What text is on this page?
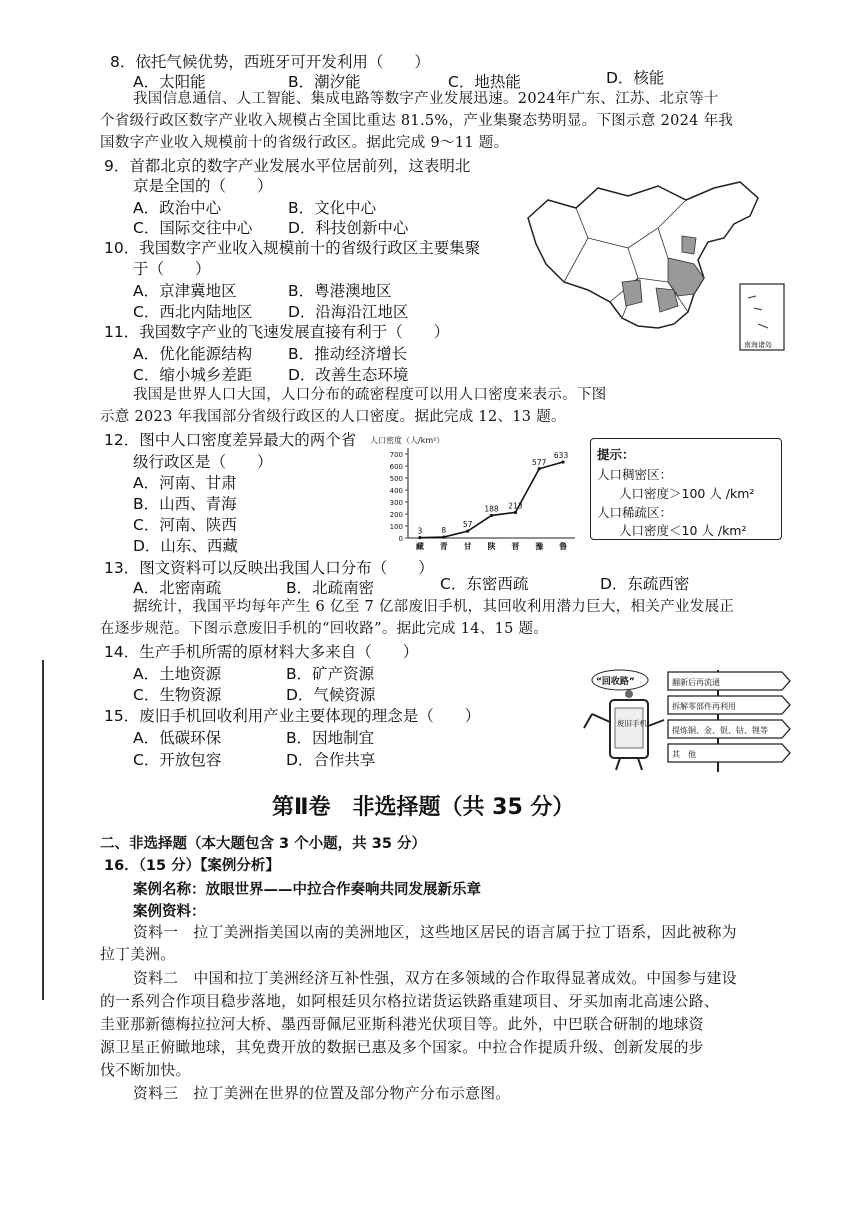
8．依托气候优势，西班牙可开发利用（　　）
A．太阳能	B．潮汐能	C．地热能	D．核能
我国信息通信、人工智能、集成电路等数字产业发展迅速。2024年广东、江苏、北京等十
个省级行政区数字产业收入规模占全国比重达 81.5%，产业集聚态势明显。下图示意 2024 年我
国数字产业收入规模前十的省级行政区。据此完成 9～11 题。
9．首都北京的数字产业发展水平位居前列，这表明北
京是全国的（　　）
A．政治中心	B．文化中心
C．国际交往中心 D．科技创新中心
10．我国数字产业收入规模前十的省级行政区主要集聚
于（　　）
A．京津冀地区	B．粤港澳地区
C．西北内陆地区 D．沿海沿江地区
11．我国数字产业的飞速发展直接有利于（　　）
A．优化能源结构 B．推动经济增长
C．缩小城乡差距 D．改善生态环境
南海诸岛
我国是世界人口大国，人口分布的疏密程度可以用人口密度来表示。下图
示意 2023 年我国部分省级行政区的人口密度。据此完成 12、13 题。
12．图中人口密度差异最大的两个省
级行政区是（　　）
A．河南、甘肃
B．山西、青海
C．河南、陕西
D．山东、西藏
人口密度（人/km²）
0
100
200
300
400
500
600
700
藏 青 甘 陕 晋 豫 鲁
3	8
57
188 213
577
633 提示：
人口稠密区：
人口密度＞100 人 /km²
人口稀疏区：
人口密度＜10 人 /km²
13．图文资料可以反映出我国人口分布（　　）
A．北密南疏	B．北疏南密	C．东密西疏	D．东疏西密
据统计，我国平均每年产生 6 亿至 7 亿部废旧手机，其回收利用潜力巨大，相关产业发展正
在逐步规范。下图示意废旧手机的“回收路”。据此完成 14、15 题。
14．生产手机所需的原材料大多来自（　　）
A．土地资源	B．矿产资源
C．生物资源	D．气候资源
15．废旧手机回收利用产业主要体现的理念是（　　）
A．低碳环保	B．因地制宜
C．开放包容	D．合作共享
“回收路”
废旧手机
翻新后再流通
拆解零部件再利用
提炼铜、金、银、钴、锂等
其　他
第Ⅱ卷　非选择题（共 35 分）
二、非选择题（本大题包含 3 个小题，共 35 分）
16．（15 分）【案例分析】
案例名称：放眼世界——中拉合作奏响共同发展新乐章
案例资料：
资料一　拉丁美洲指美国以南的美洲地区，这些地区居民的语言属于拉丁语系，因此被称为
拉丁美洲。
资料二　中国和拉丁美洲经济互补性强，双方在多领域的合作取得显著成效。中国参与建设
的一系列合作项目稳步落地，如阿根廷贝尔格拉诺货运铁路重建项目、牙买加南北高速公路、
圭亚那新德梅拉拉河大桥、墨西哥佩尼亚斯科港光伏项目等。此外，中巴联合研制的地球资
源卫星正俯瞰地球，其免费开放的数据已惠及多个国家。中拉合作提质升级、创新发展的步
伐不断加快。
资料三　拉丁美洲在世界的位置及部分物产分布示意图。
